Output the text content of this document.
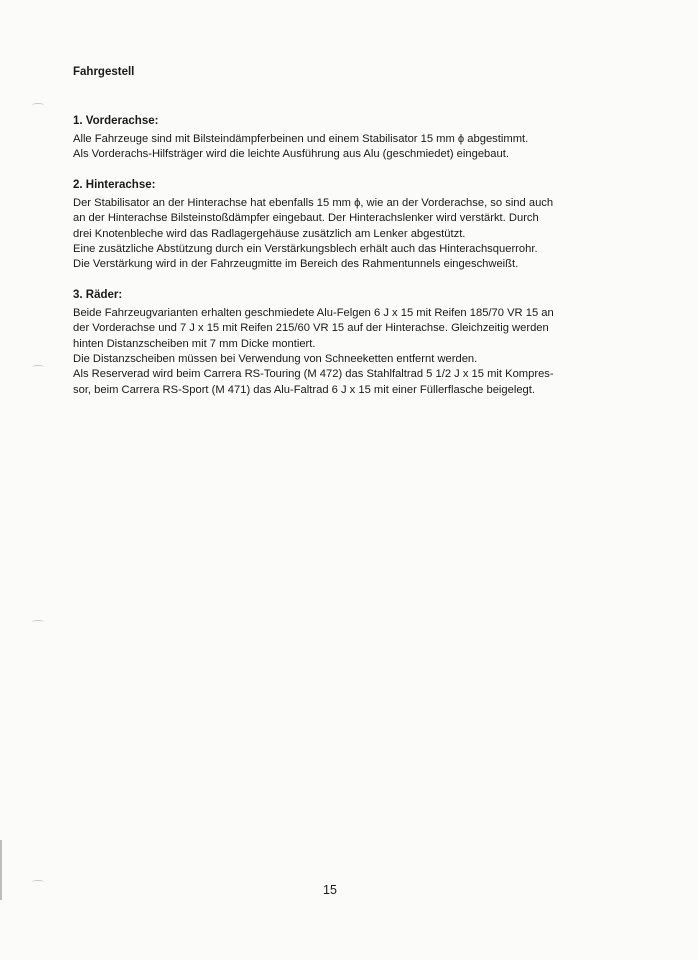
Fahrgestell
1. Vorderachse:

Alle Fahrzeuge sind mit Bilsteindämpferbeinen und einem Stabilisator 15 mm ϕ abgestimmt.

Als Vorderachs-Hilfsträger wird die leichte Ausführung aus Alu (geschmiedet) eingebaut.

2. Hinterachse:

Der Stabilisator an der Hinterachse hat ebenfalls 15 mm ϕ, wie an der Vorderachse, so sind auch

an der Hinterachse Bilsteinstoßdämpfer eingebaut. Der Hinterachslenker wird verstärkt. Durch

drei Knotenbleche wird das Radlagergehäuse zusätzlich am Lenker abgestützt.

Eine zusätzliche Abstützung durch ein Verstärkungsblech erhält auch das Hinterachsquerrohr.

Die Verstärkung wird in der Fahrzeugmitte im Bereich des Rahmentunnels eingeschweißt.

3. Räder:

Beide Fahrzeugvarianten erhalten geschmiedete Alu-Felgen 6 J x 15 mit Reifen 185/70 VR 15 an

der Vorderachse und 7 J x 15 mit Reifen 215/60 VR 15 auf der Hinterachse. Gleichzeitig werden

hinten Distanzscheiben mit 7 mm Dicke montiert.

Die Distanzscheiben müssen bei Verwendung von Schneeketten entfernt werden.

Als Reserverad wird beim Carrera RS-Touring (M 472) das Stahlfaltrad 5 1/2 J x 15 mit Kompres-

sor, beim Carrera RS-Sport (M 471) das Alu-Faltrad 6 J x 15 mit einer Füllerflasche beigelegt.

15
